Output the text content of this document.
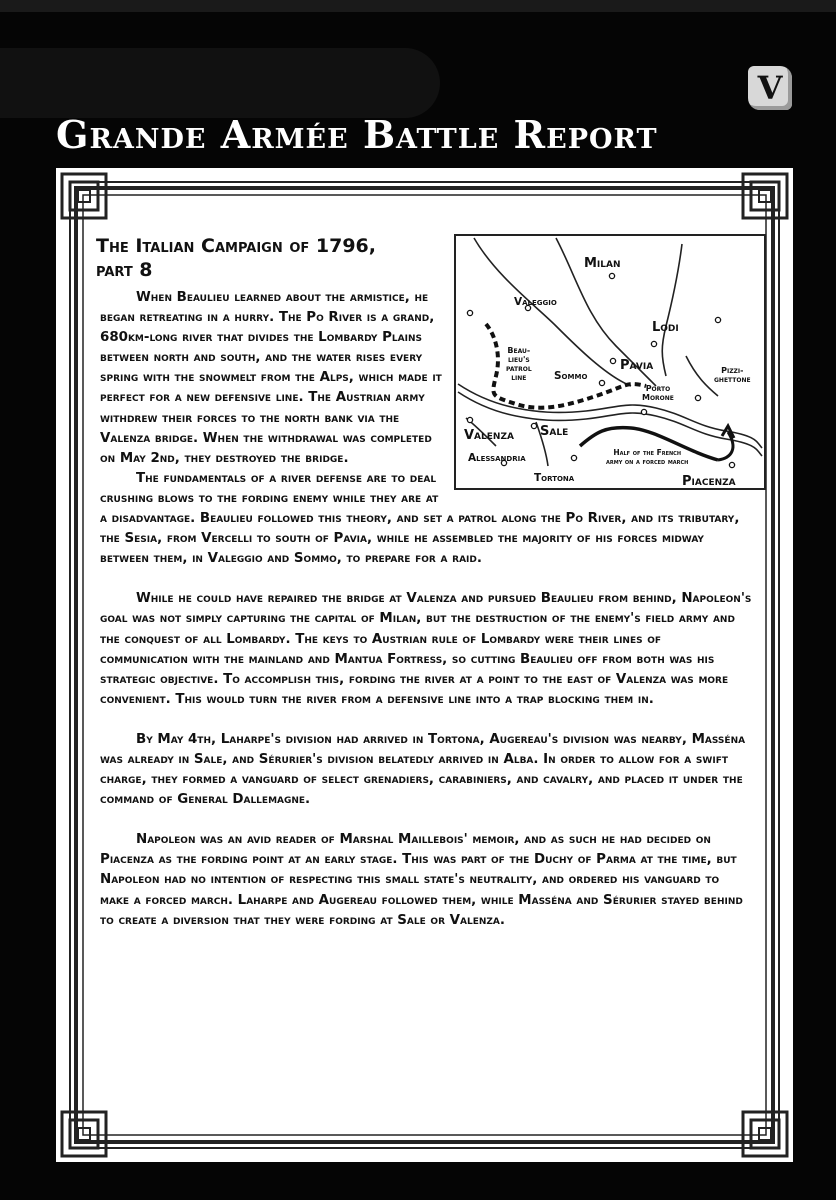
V
Grande Armée Battle Report
Milan
Lodi
Pavia
Valeggio
Sommo
Beau-
lieu's
patrol
line
Porto
Morone
Pizzi-
ghettone
Valenza Sale
Alessandria
Tortona
Half of the French
army on a forced march
Piacenza
The Italian Campaign of 1796,
part 8

When Beaulieu learned about the armistice, he began retreating in a hurry. The Po River is a grand, 680km-long river that divides the Lombardy Plains between north and south, and the water rises every spring with the snowmelt from the Alps, which made it perfect for a new defensive line. The Austrian army withdrew their forces to the north bank via the Valenza bridge. When the withdrawal was completed on May 2nd, they destroyed the bridge.

The fundamentals of a river defense are to deal crushing blows to the fording enemy while they are at a disadvantage. Beaulieu followed this theory, and set a patrol along the Po River, and its tributary, the Sesia, from Vercelli to south of Pavia, while he assembled the majority of his forces midway between them, in Valeggio and Sommo, to prepare for a raid.

While he could have repaired the bridge at Valenza and pursued Beaulieu from behind, Napoleon's goal was not simply capturing the capital of Milan, but the destruction of the enemy's field army and the conquest of all Lombardy. The keys to Austrian rule of Lombardy were their lines of communication with the mainland and Mantua Fortress, so cutting Beaulieu off from both was his strategic objective. To accomplish this, fording the river at a point to the east of Valenza was more convenient. This would turn the river from a defensive line into a trap blocking them in.

By May 4th, Laharpe's division had arrived in Tortona, Augereau's division was nearby, Masséna was already in Sale, and Sérurier's division belatedly arrived in Alba. In order to allow for a swift charge, they formed a vanguard of select grenadiers, carabiniers, and cavalry, and placed it under the command of General Dallemagne.

Napoleon was an avid reader of Marshal Maillebois' memoir, and as such he had decided on Piacenza as the fording point at an early stage. This was part of the Duchy of Parma at the time, but Napoleon had no intention of respecting this small state's neutrality, and ordered his vanguard to make a forced march. Laharpe and Augereau followed them, while Masséna and Sérurier stayed behind to create a diversion that they were fording at Sale or Valenza.
